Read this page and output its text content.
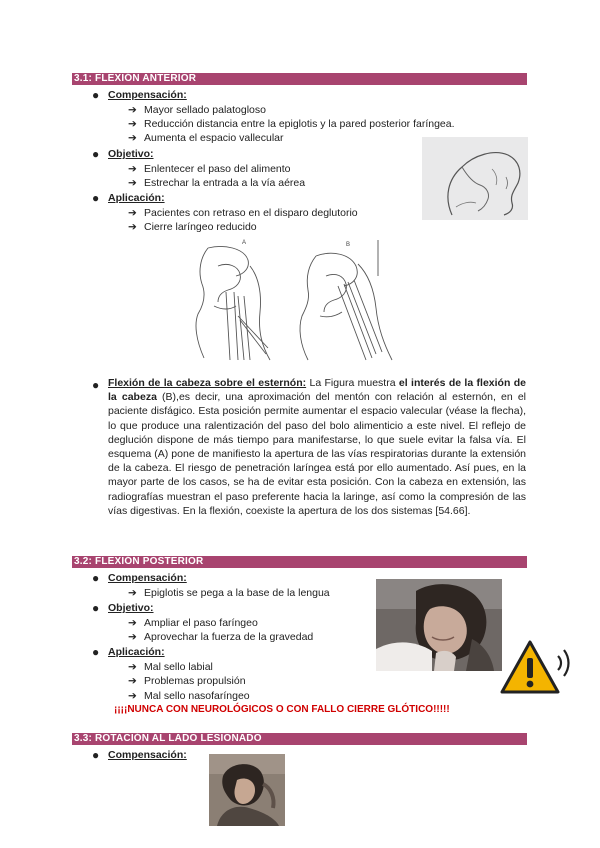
3.1: FLEXIÓN ANTERIOR
● Compensación:
➔ Mayor sellado palatogloso
➔ Reducción distancia entre la epiglotis y la pared posterior faríngea.
➔ Aumenta el espacio vallecular
● Objetivo:
➔ Enlentecer el paso del alimento
➔ Estrechar la entrada a la vía aérea
● Aplicación:
➔ Pacientes con retraso en el disparo deglutorio
➔ Cierre laríngeo reducido
A	B
● Flexión de la cabeza sobre el esternón: La Figura muestra el interés de la flexión de la cabeza (B),es decir, una aproximación del mentón con relación al esternón, en el paciente disfágico. Esta posición permite aumentar el espacio valecular (véase la flecha), lo que produce una ralentización del paso del bolo alimenticio a este nivel. El reflejo de deglución dispone de más tiempo para manifestarse, lo que suele evitar la falsa vía. El esquema (A) pone de manifiesto la apertura de las vías respiratorias durante la extensión de la cabeza. El riesgo de penetración laríngea está por ello aumentado. Así pues, en la mayor parte de los casos, se ha de evitar esta posición. Con la cabeza en extensión, las radiografías muestran el paso preferente hacia la laringe, así como la compresión de las vías digestivas. En la flexión, coexiste la apertura de los dos sistemas [54.66].
3.2: FLEXIÓN POSTERIOR
● Compensación:
➔ Epiglotis se pega a la base de la lengua
● Objetivo:
➔ Ampliar el paso faríngeo
➔ Aprovechar la fuerza de la gravedad
● Aplicación:
➔ Mal sello labial
➔ Problemas propulsión
➔ Mal sello nasofaríngeo
¡¡¡¡NUNCA CON NEUROLÓGICOS O CON FALLO CIERRE GLÓTICO!!!!!
3.3: ROTACIÓN AL LADO LESIONADO
● Compensación:
